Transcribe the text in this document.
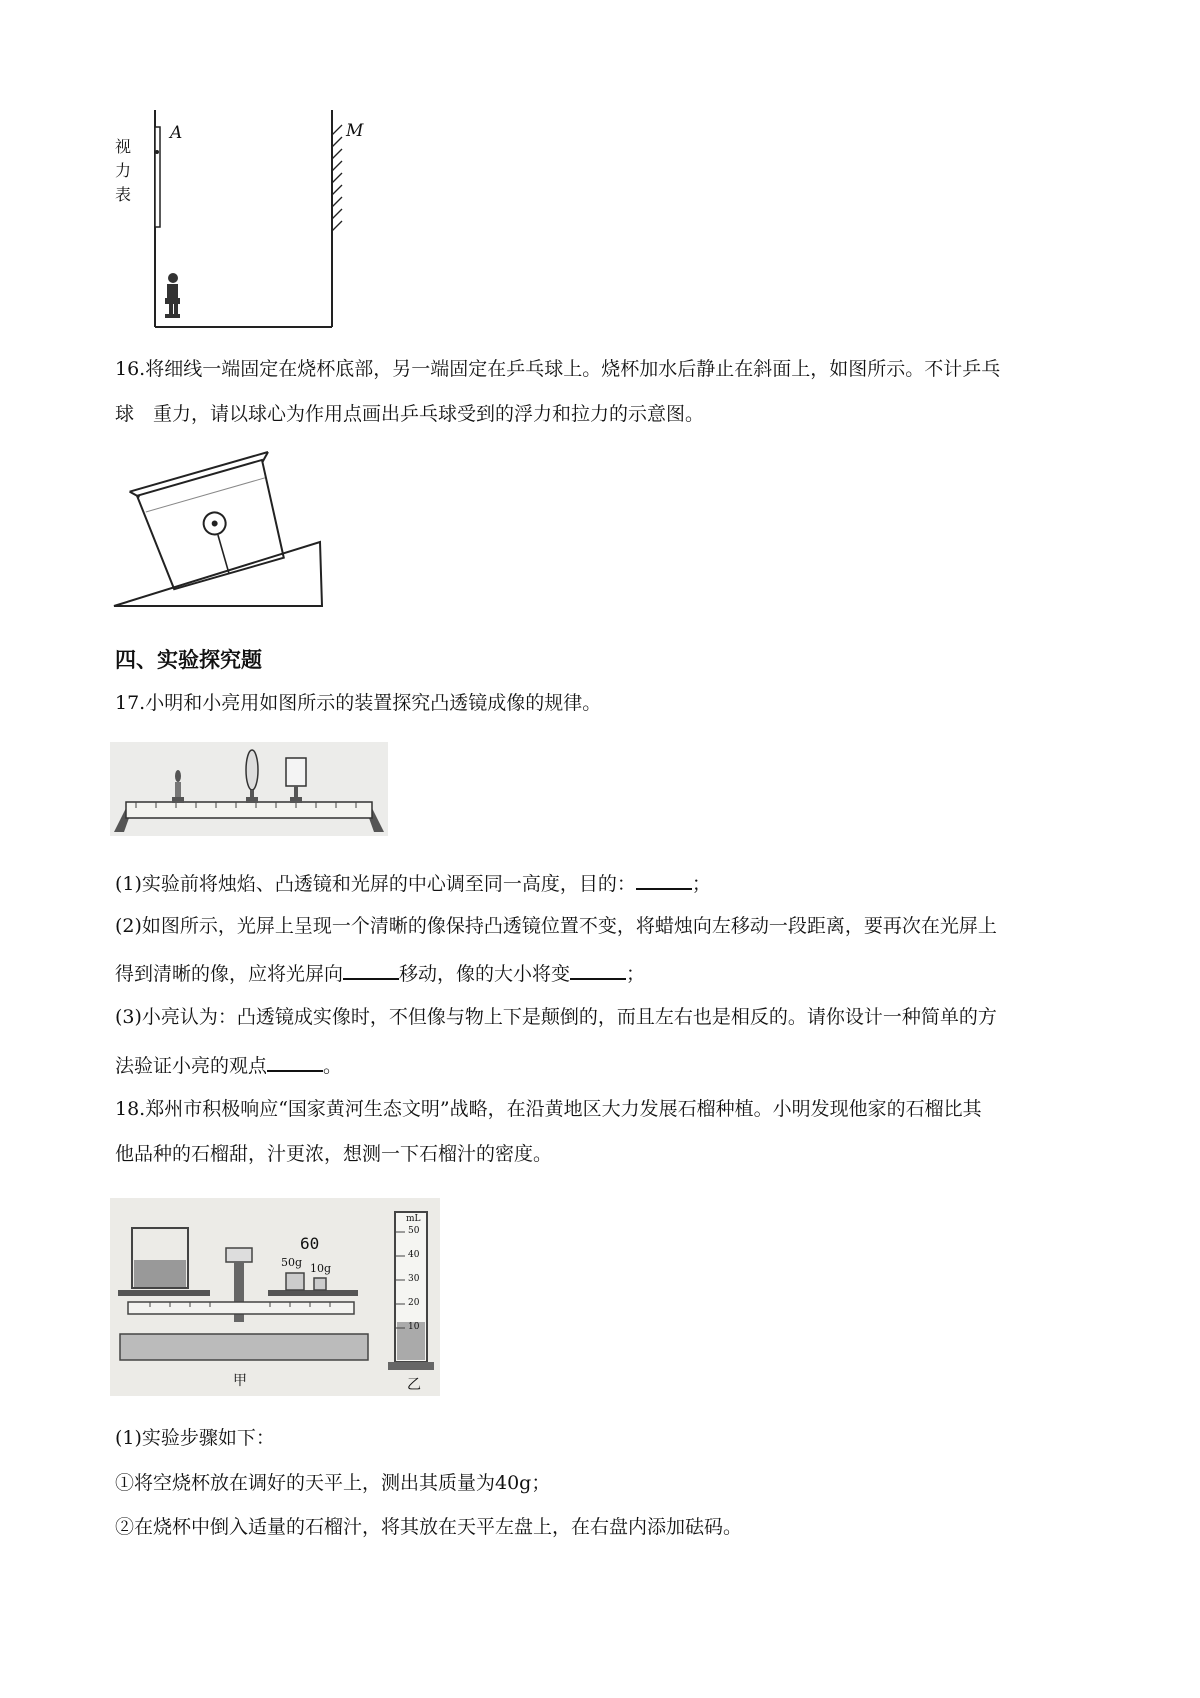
A	M
视
力
表
16.将细线一端固定在烧杯底部，另一端固定在乒乓球上。烧杯加水后静止在斜面上，如图所示。不计乒乓
球　重力，请以球心为作用点画出乒乓球受到的浮力和拉力的示意图。
四、实验探究题
17.小明和小亮用如图所示的装置探究凸透镜成像的规律。
(1)实验前将烛焰、凸透镜和光屏的中心调至同一高度，目的：	；
(2)如图所示，光屏上呈现一个清晰的像保持凸透镜位置不变，将蜡烛向左移动一段距离，要再次在光屏上
得到清晰的像，应将光屏向	移动，像的大小将变	；
(3)小亮认为：凸透镜成实像时，不但像与物上下是颠倒的，而且左右也是相反的。请你设计一种简单的方
法验证小亮的观点	。
18.郑州市积极响应“国家黄河生态文明”战略，在沿黄地区大力发展石榴种植。小明发现他家的石榴比其
他品种的石榴甜，汁更浓，想测一下石榴汁的密度。
60
50g 10g
mL
50
40
30
20
10
甲	乙
(1)实验步骤如下：
①将空烧杯放在调好的天平上，测出其质量为40g；
②在烧杯中倒入适量的石榴汁，将其放在天平左盘上，在右盘内添加砝码。
